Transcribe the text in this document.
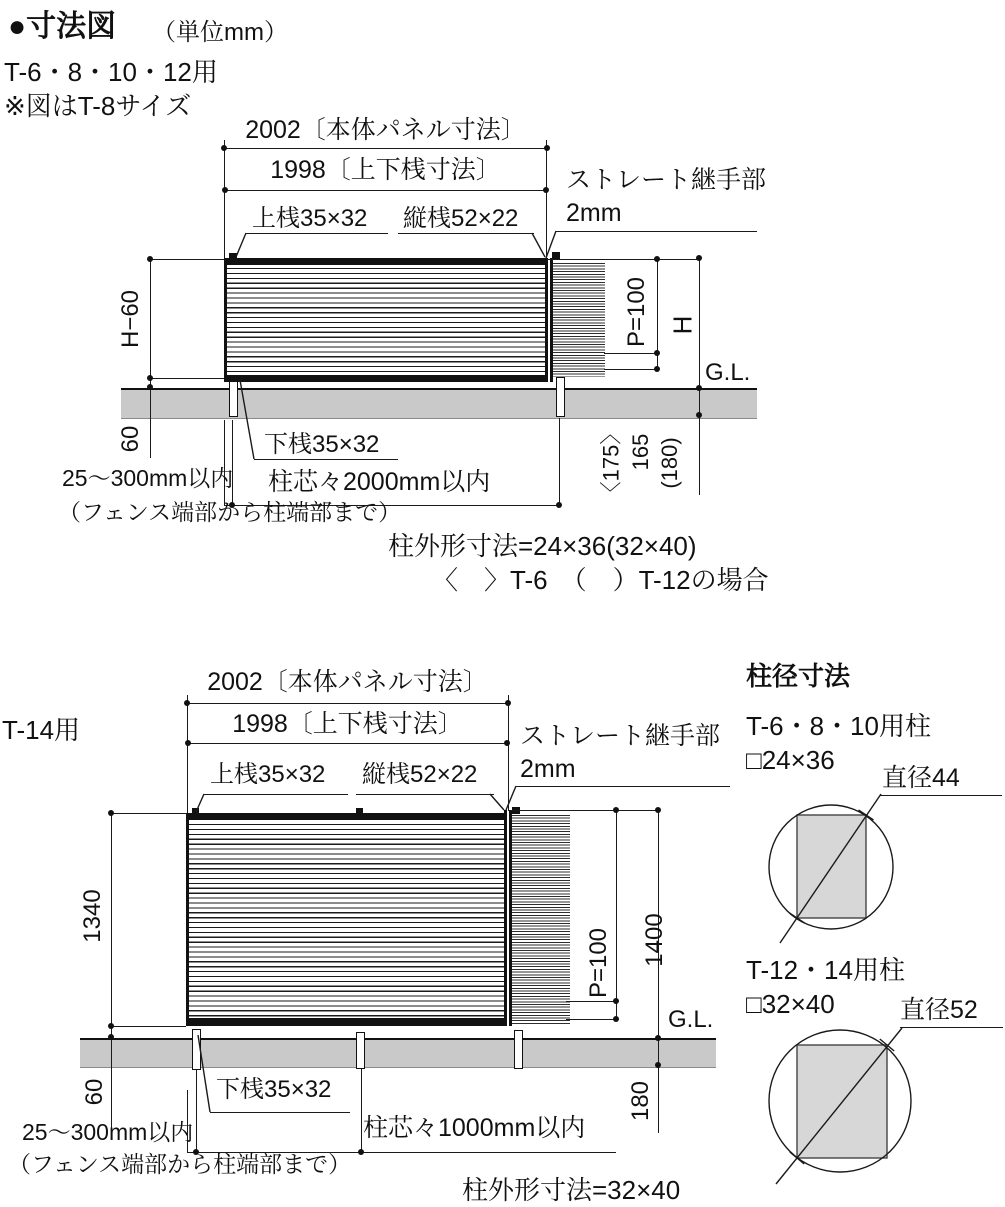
●寸法図 （単位mm）
T-6・8・10・12用
※図はT-8サイズ
2002〔本体パネル寸法〕
1998〔上下桟寸法〕
上桟35×32 縦桟52×22
ストレート継手部
2mm
H−60
60
P=100 H
G.L.
〈175〉 165 (180)
下桟35×32
柱芯々2000mm以内
25〜300mm以内
（フェンス端部から柱端部まで）
柱外形寸法=24×36(32×40)
〈　〉T-6　（　）T-12の場合
T-14用
2002〔本体パネル寸法〕
1998〔上下桟寸法〕
上桟35×32 縦桟52×22
ストレート継手部
2mm
1340
60
P=100 1400
G.L.
180
下桟35×32
柱芯々1000mm以内
25〜300mm以内
（フェンス端部から柱端部まで）
柱外形寸法=32×40
柱径寸法
T-6・8・10用柱
□24×36
直径44
T-12・14用柱
□32×40	直径52
